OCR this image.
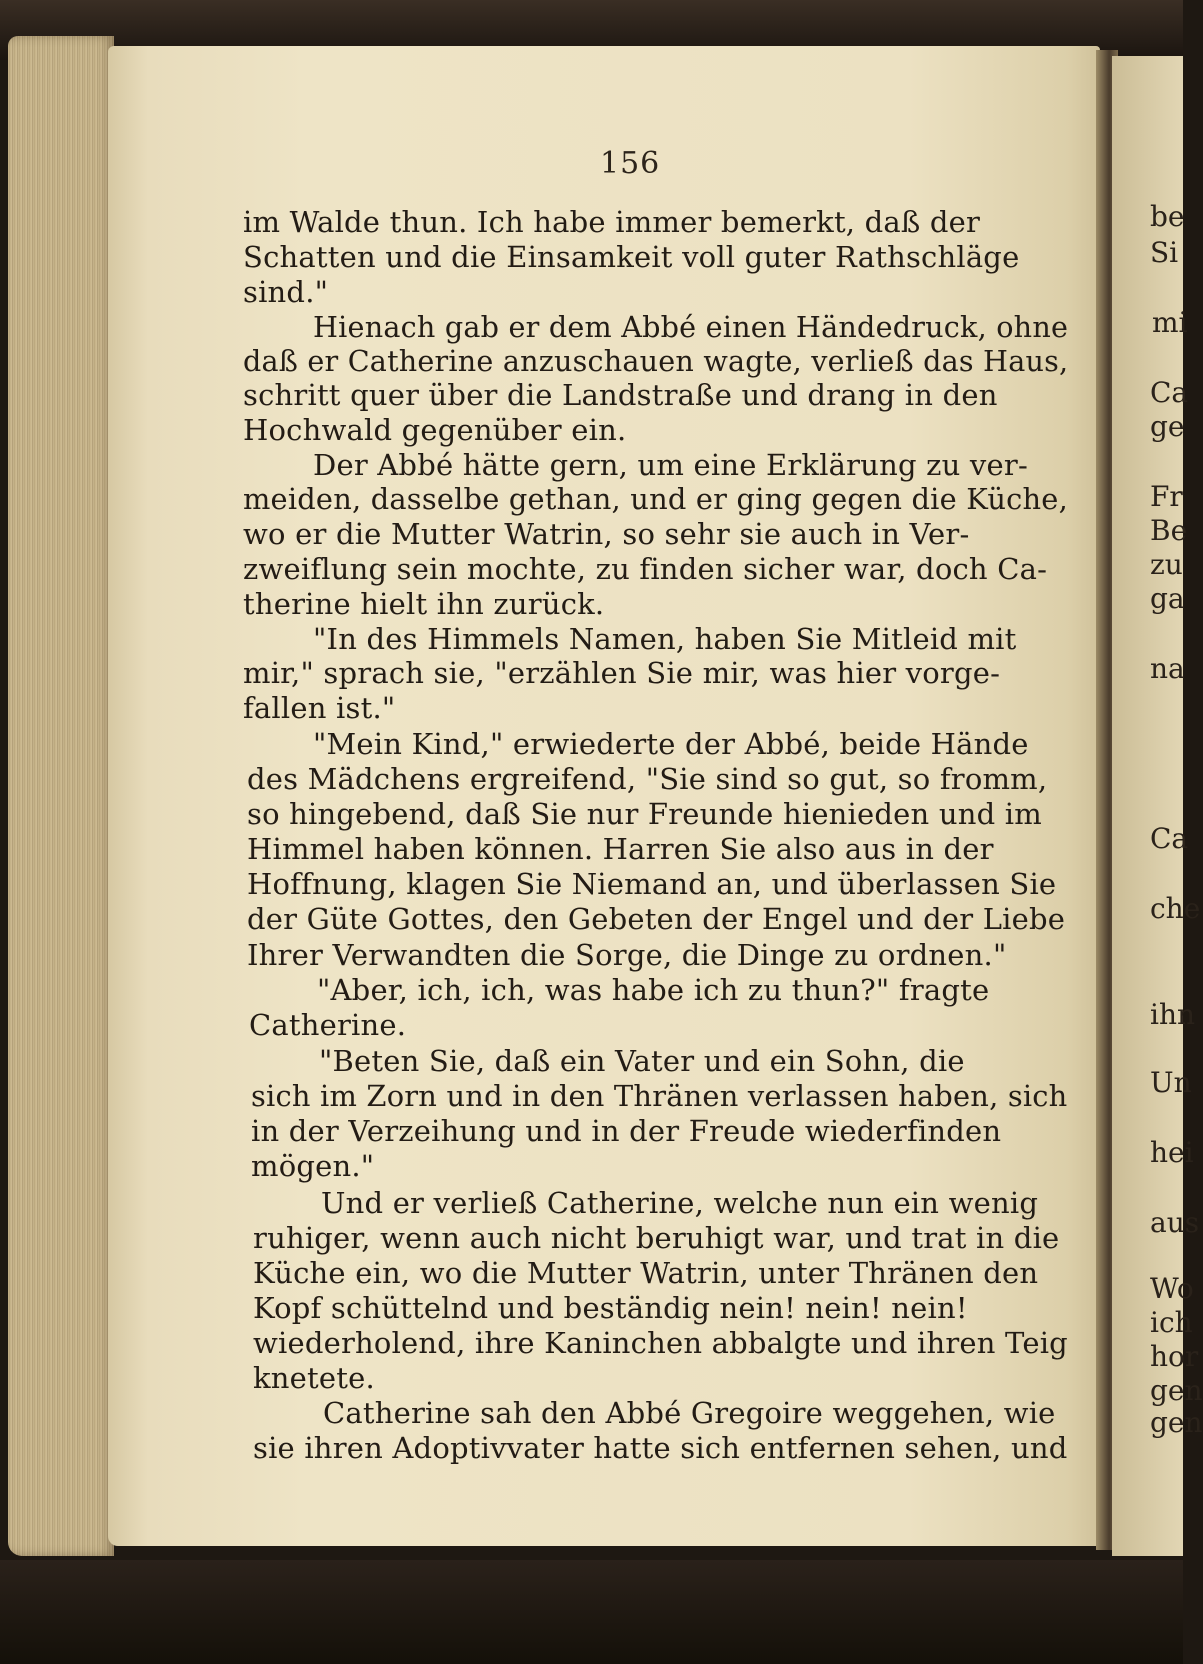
156
im Walde thun. Ich habe immer bemerkt, daß der
Schatten und die Einsamkeit voll guter Rathschläge
sind."
Hienach gab er dem Abbé einen Händedruck, ohne
daß er Catherine anzuschauen wagte, verließ das Haus,
schritt quer über die Landstraße und drang in den
Hochwald gegenüber ein.
Der Abbé hätte gern, um eine Erklärung zu ver-
meiden, dasselbe gethan, und er ging gegen die Küche,
wo er die Mutter Watrin, so sehr sie auch in Ver-
zweiflung sein mochte, zu finden sicher war, doch Ca-
therine hielt ihn zurück.
"In des Himmels Namen, haben Sie Mitleid mit
mir," sprach sie, "erzählen Sie mir, was hier vorge-
fallen ist."
"Mein Kind," erwiederte der Abbé, beide Hände
des Mädchens ergreifend, "Sie sind so gut, so fromm,
so hingebend, daß Sie nur Freunde hienieden und im
Himmel haben können. Harren Sie also aus in der
Hoffnung, klagen Sie Niemand an, und überlassen Sie
der Güte Gottes, den Gebeten der Engel und der Liebe
Ihrer Verwandten die Sorge, die Dinge zu ordnen."
"Aber, ich, ich, was habe ich zu thun?" fragte
Catherine.
"Beten Sie, daß ein Vater und ein Sohn, die
sich im Zorn und in den Thränen verlassen haben, sich
in der Verzeihung und in der Freude wiederfinden
mögen."
Und er verließ Catherine, welche nun ein wenig
ruhiger, wenn auch nicht beruhigt war, und trat in die
Küche ein, wo die Mutter Watrin, unter Thränen den
Kopf schüttelnd und beständig nein! nein! nein!
wiederholend, ihre Kaninchen abbalgte und ihren Teig
knetete.
Catherine sah den Abbé Gregoire weggehen, wie
sie ihren Adoptivvater hatte sich entfernen sehen, und
be
Si
mi
Ca
ge
Fr
Be
zu
ga
na
Ca
che
ihn
Un
hei
aus
Wo
ich
hor
gen
gen
